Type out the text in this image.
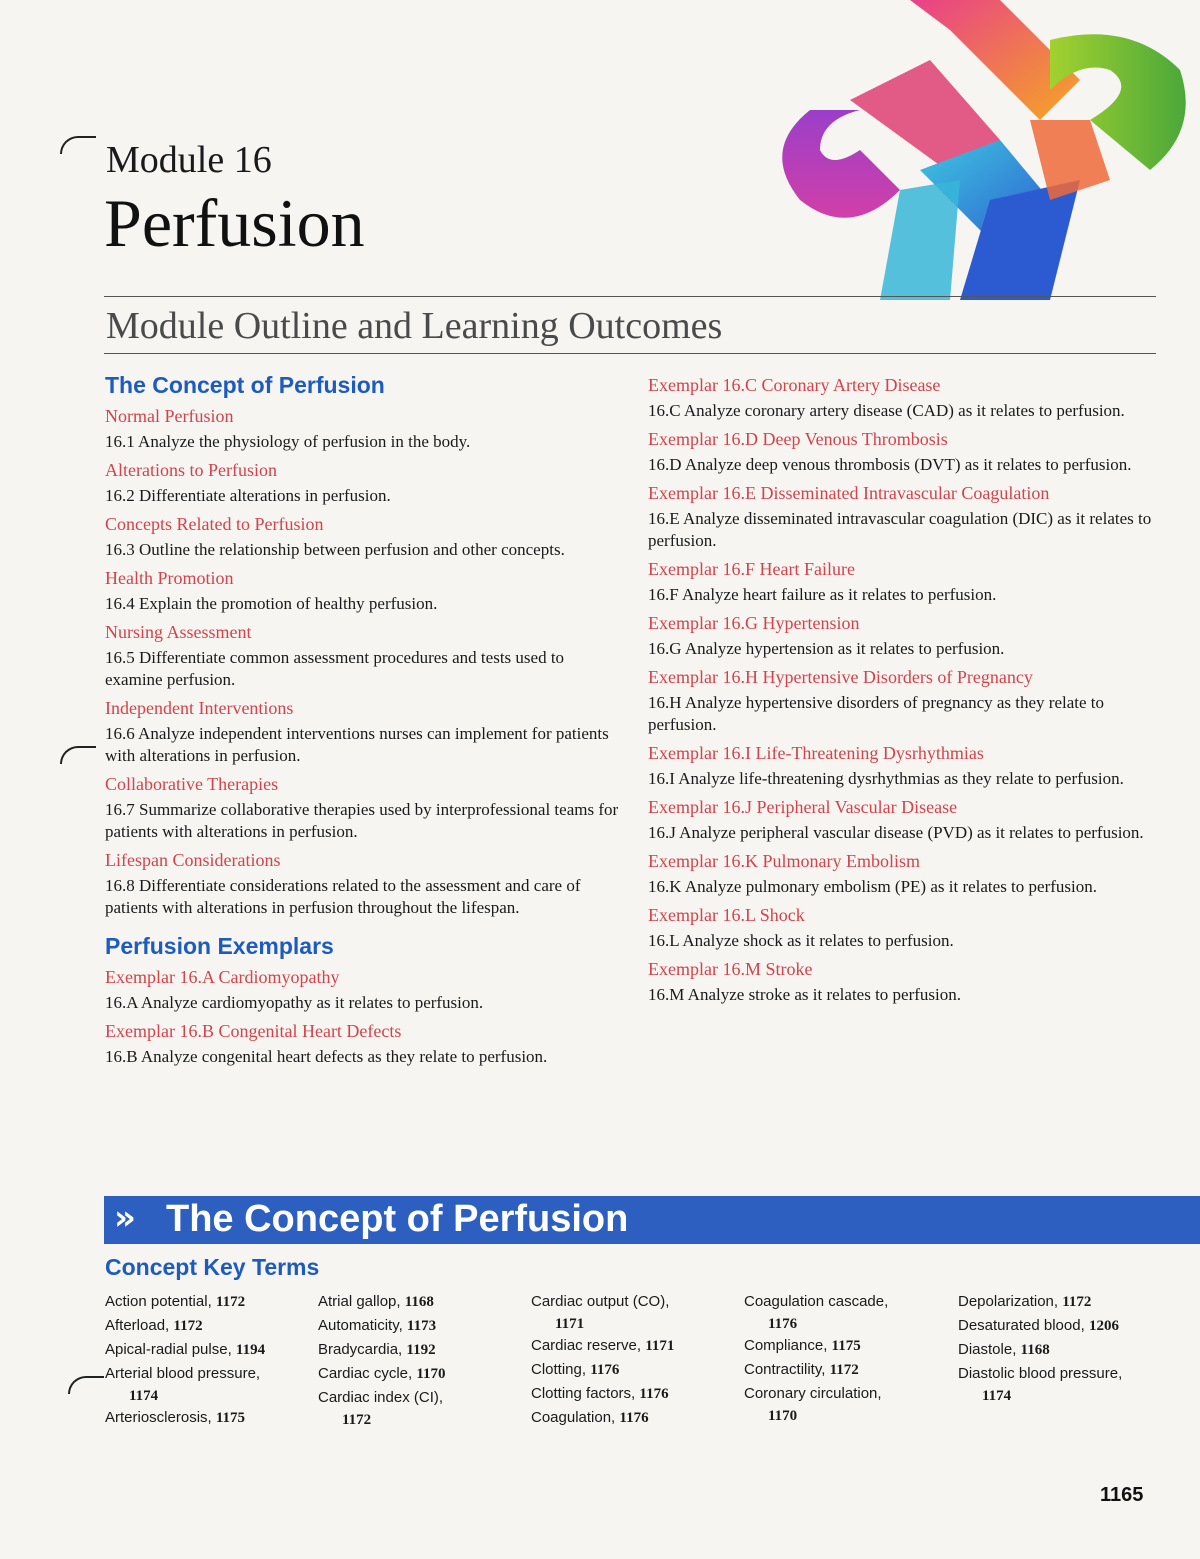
Module 16
Perfusion
Module Outline and Learning Outcomes
The Concept of Perfusion
Normal Perfusion
16.1 Analyze the physiology of perfusion in the body.
Alterations to Perfusion
16.2 Differentiate alterations in perfusion.
Concepts Related to Perfusion
16.3 Outline the relationship between perfusion and other concepts.
Health Promotion
16.4 Explain the promotion of healthy perfusion.
Nursing Assessment
16.5 Differentiate common assessment procedures and tests used to examine perfusion.
Independent Interventions
16.6 Analyze independent interventions nurses can implement for patients with alterations in perfusion.
Collaborative Therapies
16.7 Summarize collaborative therapies used by interprofessional teams for patients with alterations in perfusion.
Lifespan Considerations
16.8 Differentiate considerations related to the assessment and care of patients with alterations in perfusion throughout the lifespan.
Perfusion Exemplars
Exemplar 16.A Cardiomyopathy
16.A Analyze cardiomyopathy as it relates to perfusion.
Exemplar 16.B Congenital Heart Defects
16.B Analyze congenital heart defects as they relate to perfusion.
Exemplar 16.C Coronary Artery Disease
16.C Analyze coronary artery disease (CAD) as it relates to perfusion.
Exemplar 16.D Deep Venous Thrombosis
16.D Analyze deep venous thrombosis (DVT) as it relates to perfusion.
Exemplar 16.E Disseminated Intravascular Coagulation
16.E Analyze disseminated intravascular coagulation (DIC) as it relates to perfusion.
Exemplar 16.F Heart Failure
16.F Analyze heart failure as it relates to perfusion.
Exemplar 16.G Hypertension
16.G Analyze hypertension as it relates to perfusion.
Exemplar 16.H Hypertensive Disorders of Pregnancy
16.H Analyze hypertensive disorders of pregnancy as they relate to perfusion.
Exemplar 16.I Life-Threatening Dysrhythmias
16.I Analyze life-threatening dysrhythmias as they relate to perfusion.
Exemplar 16.J Peripheral Vascular Disease
16.J Analyze peripheral vascular disease (PVD) as it relates to perfusion.
Exemplar 16.K Pulmonary Embolism
16.K Analyze pulmonary embolism (PE) as it relates to perfusion.
Exemplar 16.L Shock
16.L Analyze shock as it relates to perfusion.
Exemplar 16.M Stroke
16.M Analyze stroke as it relates to perfusion.
» The Concept of Perfusion
Concept Key Terms
Action potential, 1172
Afterload, 1172
Apical-radial pulse, 1194
Arterial blood pressure,
1174
Arteriosclerosis, 1175
Atrial gallop, 1168
Automaticity, 1173
Bradycardia, 1192
Cardiac cycle, 1170
Cardiac index (CI),
1172
Cardiac output (CO),
1171
Cardiac reserve, 1171
Clotting, 1176
Clotting factors, 1176
Coagulation, 1176
Coagulation cascade,
1176
Compliance, 1175
Contractility, 1172
Coronary circulation,
1170
Depolarization, 1172
Desaturated blood, 1206
Diastole, 1168
Diastolic blood pressure,
1174
1165
